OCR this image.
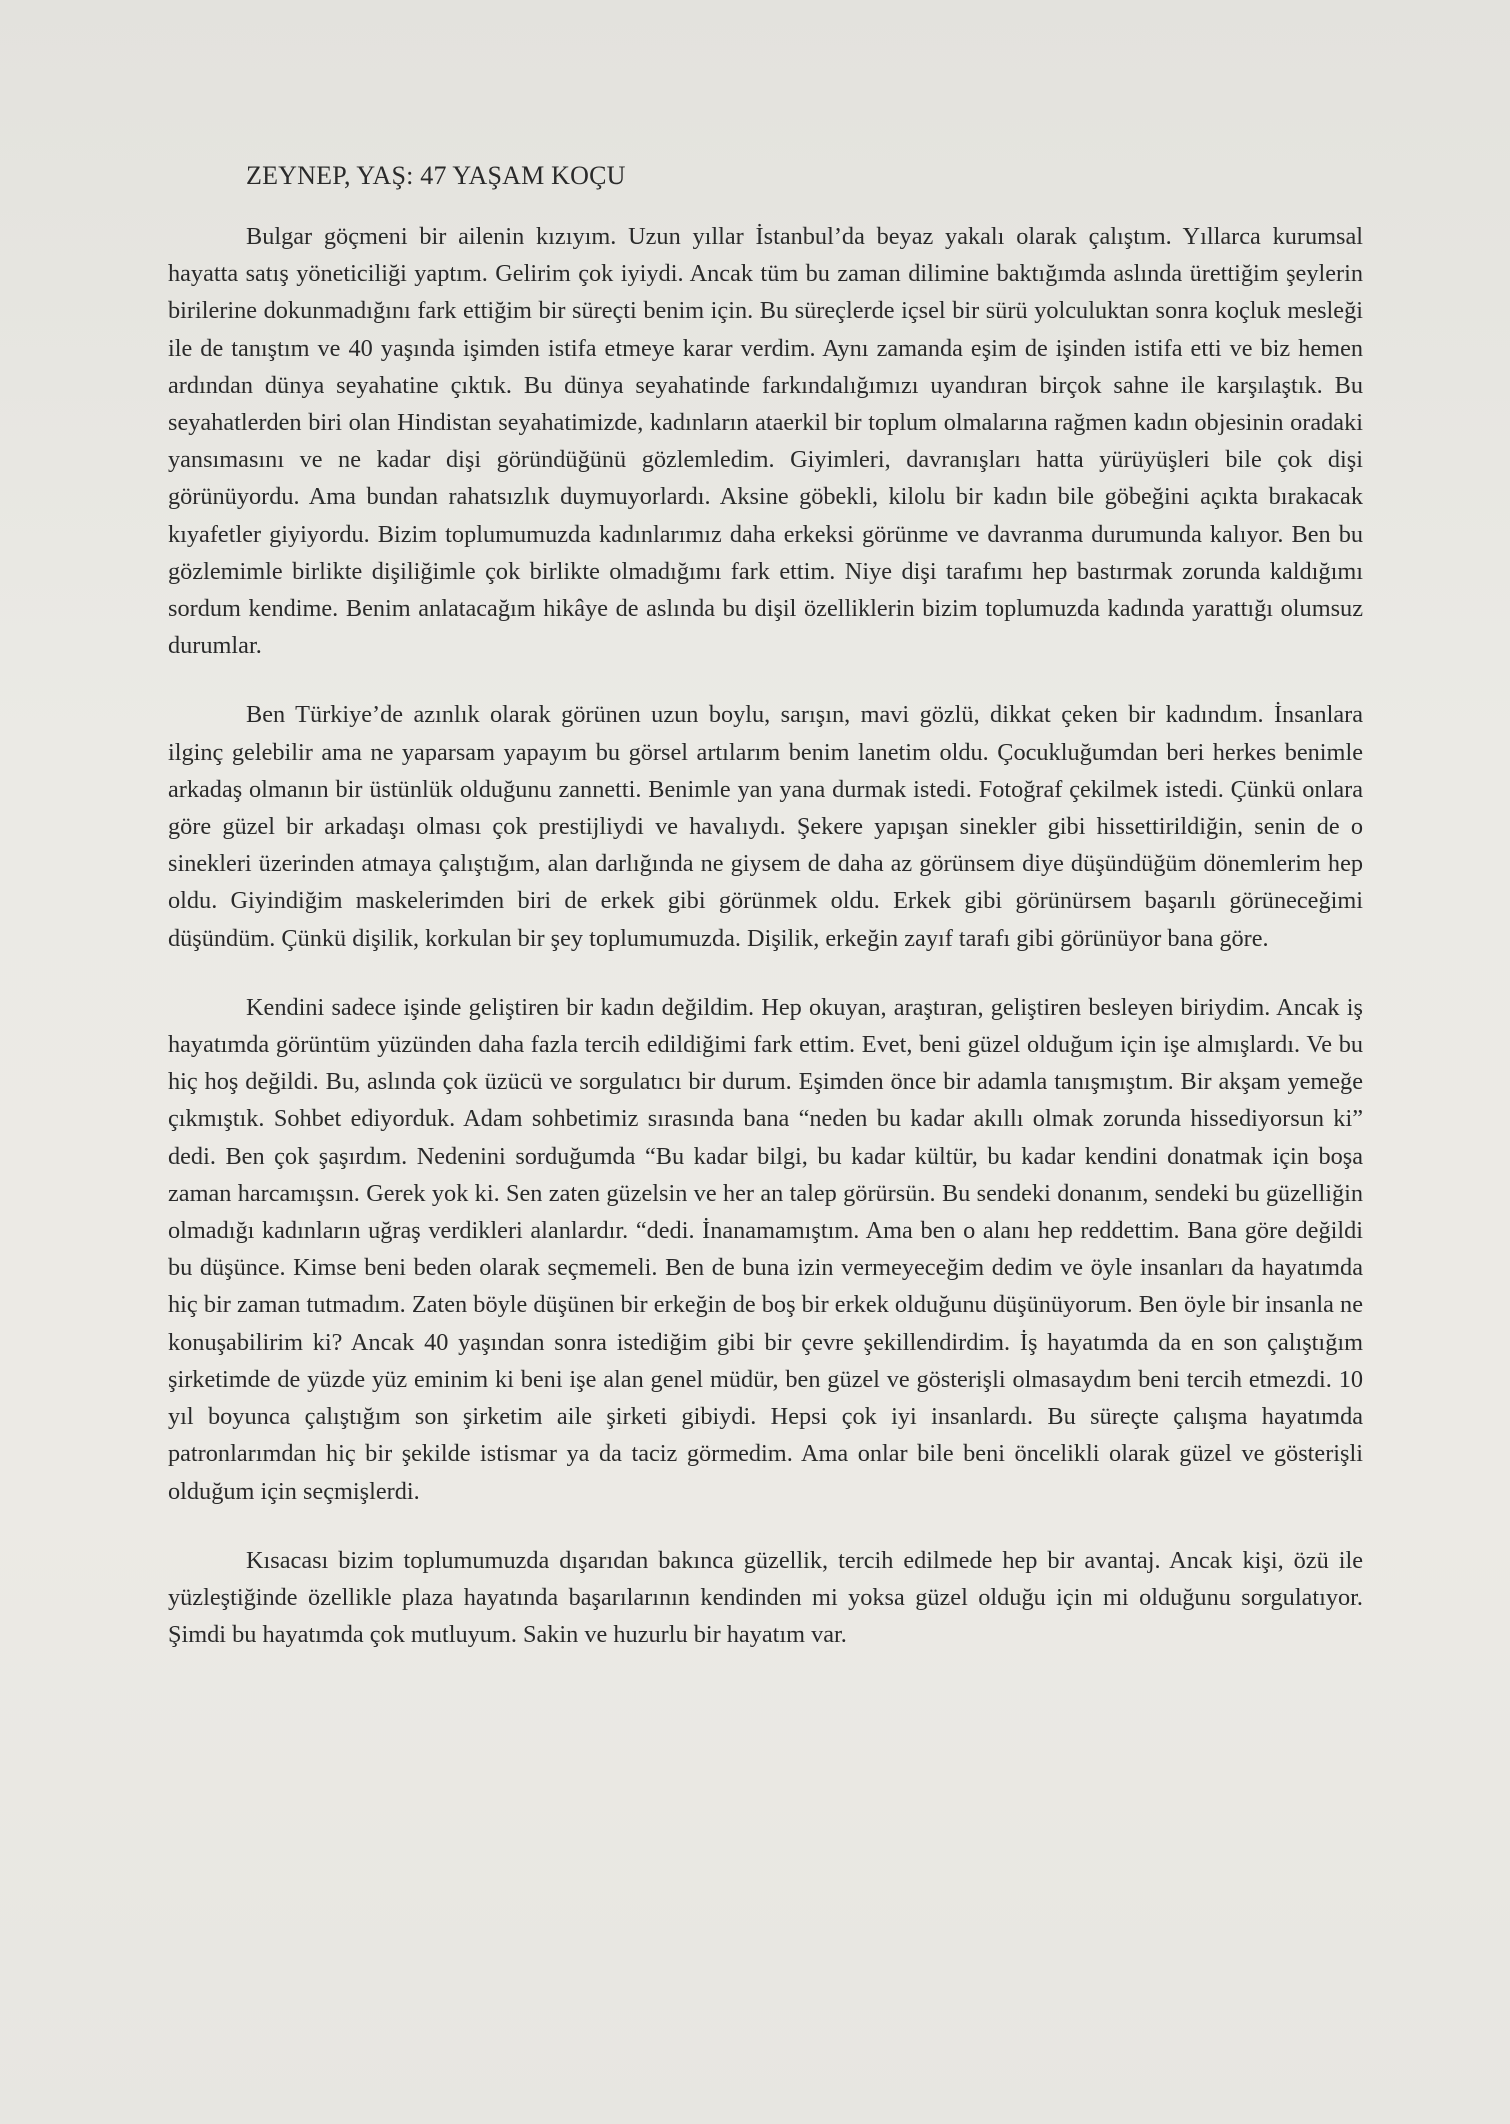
ZEYNEP, YAŞ: 47 YAŞAM KOÇU

Bulgar göçmeni bir ailenin kızıyım. Uzun yıllar İstanbul’da beyaz yakalı olarak çalıştım. Yıllarca kurumsal hayatta satış yöneticiliği yaptım. Gelirim çok iyiydi. Ancak tüm bu zaman dilimine baktığımda aslında ürettiğim şeylerin birilerine dokunmadığını fark ettiğim bir süreçti benim için. Bu süreçlerde içsel bir sürü yolculuktan sonra koçluk mesleği ile de tanıştım ve 40 yaşında işimden istifa etmeye karar verdim. Aynı zamanda eşim de işinden istifa etti ve biz hemen ardından dünya seyahatine çıktık. Bu dünya seyahatinde farkındalığımızı uyandıran birçok sahne ile karşılaştık. Bu seyahatlerden biri olan Hindistan seyahatimizde, kadınların ataerkil bir toplum olmalarına rağmen kadın objesinin oradaki yansımasını ve ne kadar dişi göründüğünü gözlemledim. Giyimleri, davranışları hatta yürüyüşleri bile çok dişi görünüyordu. Ama bundan rahatsızlık duymuyorlardı. Aksine göbekli, kilolu bir kadın bile göbeğini açıkta bırakacak kıyafetler giyiyordu. Bizim toplumumuzda kadınlarımız daha erkeksi görünme ve davranma durumunda kalıyor. Ben bu gözlemimle birlikte dişiliğimle çok birlikte olmadığımı fark ettim. Niye dişi tarafımı hep bastırmak zorunda kaldığımı sordum kendime. Benim anlatacağım hikâye de aslında bu dişil özelliklerin bizim toplumuzda kadında yarattığı olumsuz durumlar.

Ben Türkiye’de azınlık olarak görünen uzun boylu, sarışın, mavi gözlü, dikkat çeken bir kadındım. İnsanlara ilginç gelebilir ama ne yaparsam yapayım bu görsel artılarım benim lanetim oldu. Çocukluğumdan beri herkes benimle arkadaş olmanın bir üstünlük olduğunu zannetti. Benimle yan yana durmak istedi. Fotoğraf çekilmek istedi. Çünkü onlara göre güzel bir arkadaşı olması çok prestijliydi ve havalıydı. Şekere yapışan sinekler gibi hissettirildiğin, senin de o sinekleri üzerinden atmaya çalıştığım, alan darlığında ne giysem de daha az görünsem diye düşündüğüm dönemlerim hep oldu. Giyindiğim maskelerimden biri de erkek gibi görünmek oldu. Erkek gibi görünürsem başarılı görüneceğimi düşündüm. Çünkü dişilik, korkulan bir şey toplumumuzda. Dişilik, erkeğin zayıf tarafı gibi görünüyor bana göre.

Kendini sadece işinde geliştiren bir kadın değildim. Hep okuyan, araştıran, geliştiren besleyen biriydim. Ancak iş hayatımda görüntüm yüzünden daha fazla tercih edildiğimi fark ettim. Evet, beni güzel olduğum için işe almışlardı. Ve bu hiç hoş değildi. Bu, aslında çok üzücü ve sorgulatıcı bir durum. Eşimden önce bir adamla tanışmıştım. Bir akşam yemeğe çıkmıştık. Sohbet ediyorduk. Adam sohbetimiz sırasında bana “neden bu kadar akıllı olmak zorunda hissediyorsun ki” dedi. Ben çok şaşırdım. Nedenini sorduğumda “Bu kadar bilgi, bu kadar kültür, bu kadar kendini donatmak için boşa zaman harcamışsın. Gerek yok ki. Sen zaten güzelsin ve her an talep görürsün. Bu sendeki donanım, sendeki bu güzelliğin olmadığı kadınların uğraş verdikleri alanlardır. “dedi. İnanamamıştım. Ama ben o alanı hep reddettim. Bana göre değildi bu düşünce. Kimse beni beden olarak seçmemeli. Ben de buna izin vermeyeceğim dedim ve öyle insanları da hayatımda hiç bir zaman tutmadım. Zaten böyle düşünen bir erkeğin de boş bir erkek olduğunu düşünüyorum. Ben öyle bir insanla ne konuşabilirim ki? Ancak 40 yaşından sonra istediğim gibi bir çevre şekillendirdim. İş hayatımda da en son çalıştığım şirketimde de yüzde yüz eminim ki beni işe alan genel müdür, ben güzel ve gösterişli olmasaydım beni tercih etmezdi. 10 yıl boyunca çalıştığım son şirketim aile şirketi gibiydi. Hepsi çok iyi insanlardı. Bu süreçte çalışma hayatımda patronlarımdan hiç bir şekilde istismar ya da taciz görmedim. Ama onlar bile beni öncelikli olarak güzel ve gösterişli olduğum için seçmişlerdi.

Kısacası bizim toplumumuzda dışarıdan bakınca güzellik, tercih edilmede hep bir avantaj. Ancak kişi, özü ile yüzleştiğinde özellikle plaza hayatında başarılarının kendinden mi yoksa güzel olduğu için mi olduğunu sorgulatıyor. Şimdi bu hayatımda çok mutluyum. Sakin ve huzurlu bir hayatım var.
